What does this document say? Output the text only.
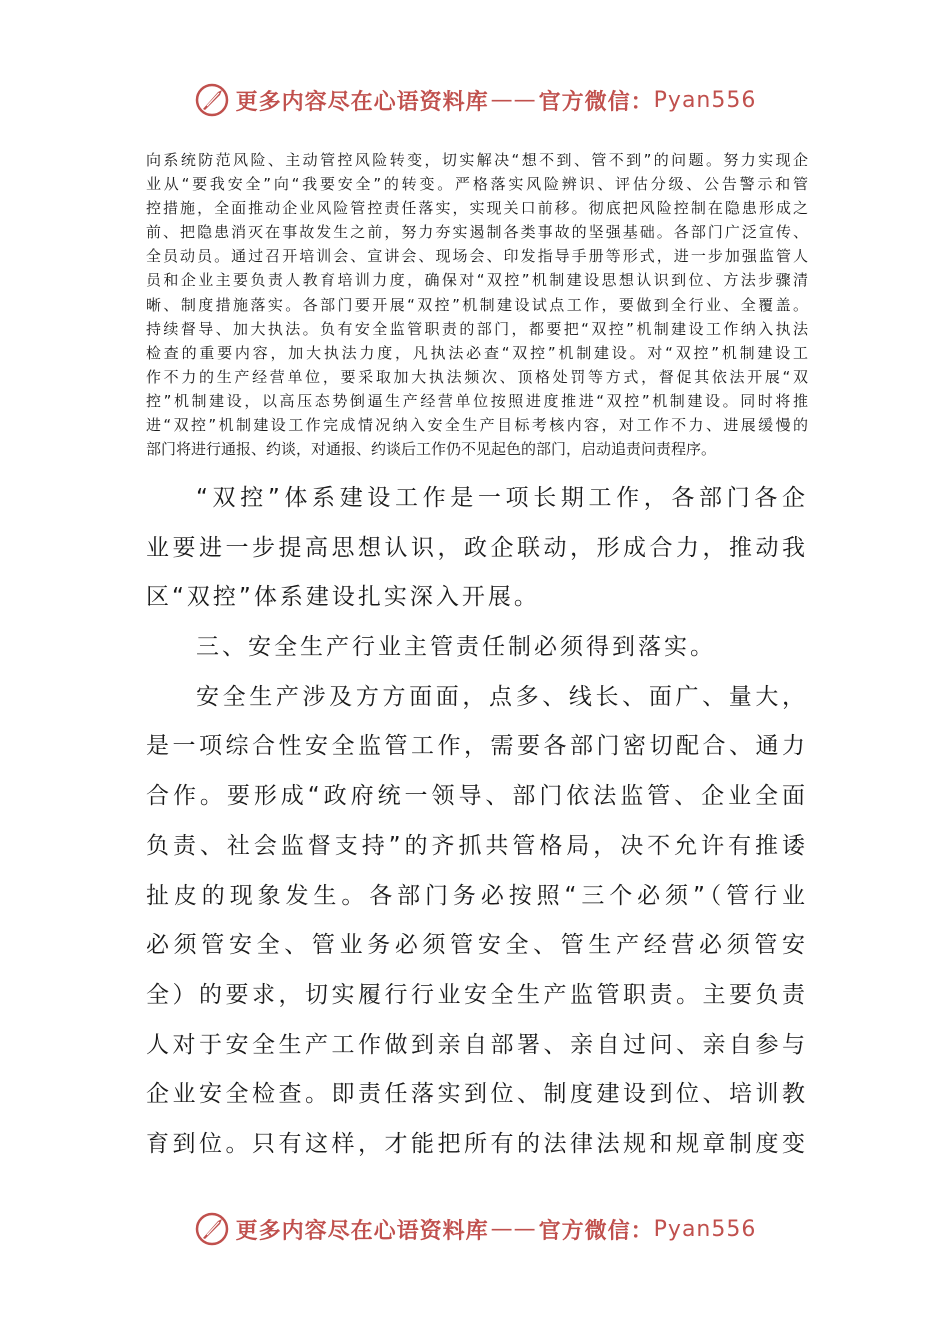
更多内容尽在心语资料库 —— 官方微信： Pyan556
向系统防范风险、主动管控风险转变，切实解决“想不到、管不到”的问题。努力实现企
业从“要我安全”向“我要安全”的转变。严格落实风险辨识、评估分级、公告警示和管
控措施，全面推动企业风险管控责任落实，实现关口前移。彻底把风险控制在隐患形成之
前、把隐患消灭在事故发生之前，努力夯实遏制各类事故的坚强基础。各部门广泛宣传、
全员动员。通过召开培训会、宣讲会、现场会、印发指导手册等形式，进一步加强监管人
员和企业主要负责人教育培训力度，确保对“双控”机制建设思想认识到位、方法步骤清
晰、制度措施落实。各部门要开展“双控”机制建设试点工作，要做到全行业、全覆盖。
持续督导、加大执法。负有安全监管职责的部门，都要把“双控”机制建设工作纳入执法
检查的重要内容，加大执法力度，凡执法必查“双控”机制建设。对“双控”机制建设工
作不力的生产经营单位，要采取加大执法频次、顶格处罚等方式，督促其依法开展“双
控”机制建设，以高压态势倒逼生产经营单位按照进度推进“双控”机制建设。同时将推
进“双控”机制建设工作完成情况纳入安全生产目标考核内容，对工作不力、进展缓慢的
部门将进行通报、约谈，对通报、约谈后工作仍不见起色的部门，启动追责问责程序。
“双控”体系建设工作是一项长期工作，各部门各企
业要进一步提高思想认识，政企联动，形成合力，推动我
区“双控”体系建设扎实深入开展。
三、安全生产行业主管责任制必须得到落实。
安全生产涉及方方面面，点多、线长、面广、量大，
是一项综合性安全监管工作，需要各部门密切配合、通力
合作。要形成“政府统一领导、部门依法监管、企业全面
负责、社会监督支持”的齐抓共管格局，决不允许有推诿
扯皮的现象发生。各部门务必按照“三个必须”（管行业
必须管安全、管业务必须管安全、管生产经营必须管安
全）的要求，切实履行行业安全生产监管职责。主要负责
人对于安全生产工作做到亲自部署、亲自过问、亲自参与
企业安全检查。即责任落实到位、制度建设到位、培训教
育到位。只有这样，才能把所有的法律法规和规章制度变
更多内容尽在心语资料库 —— 官方微信： Pyan556
